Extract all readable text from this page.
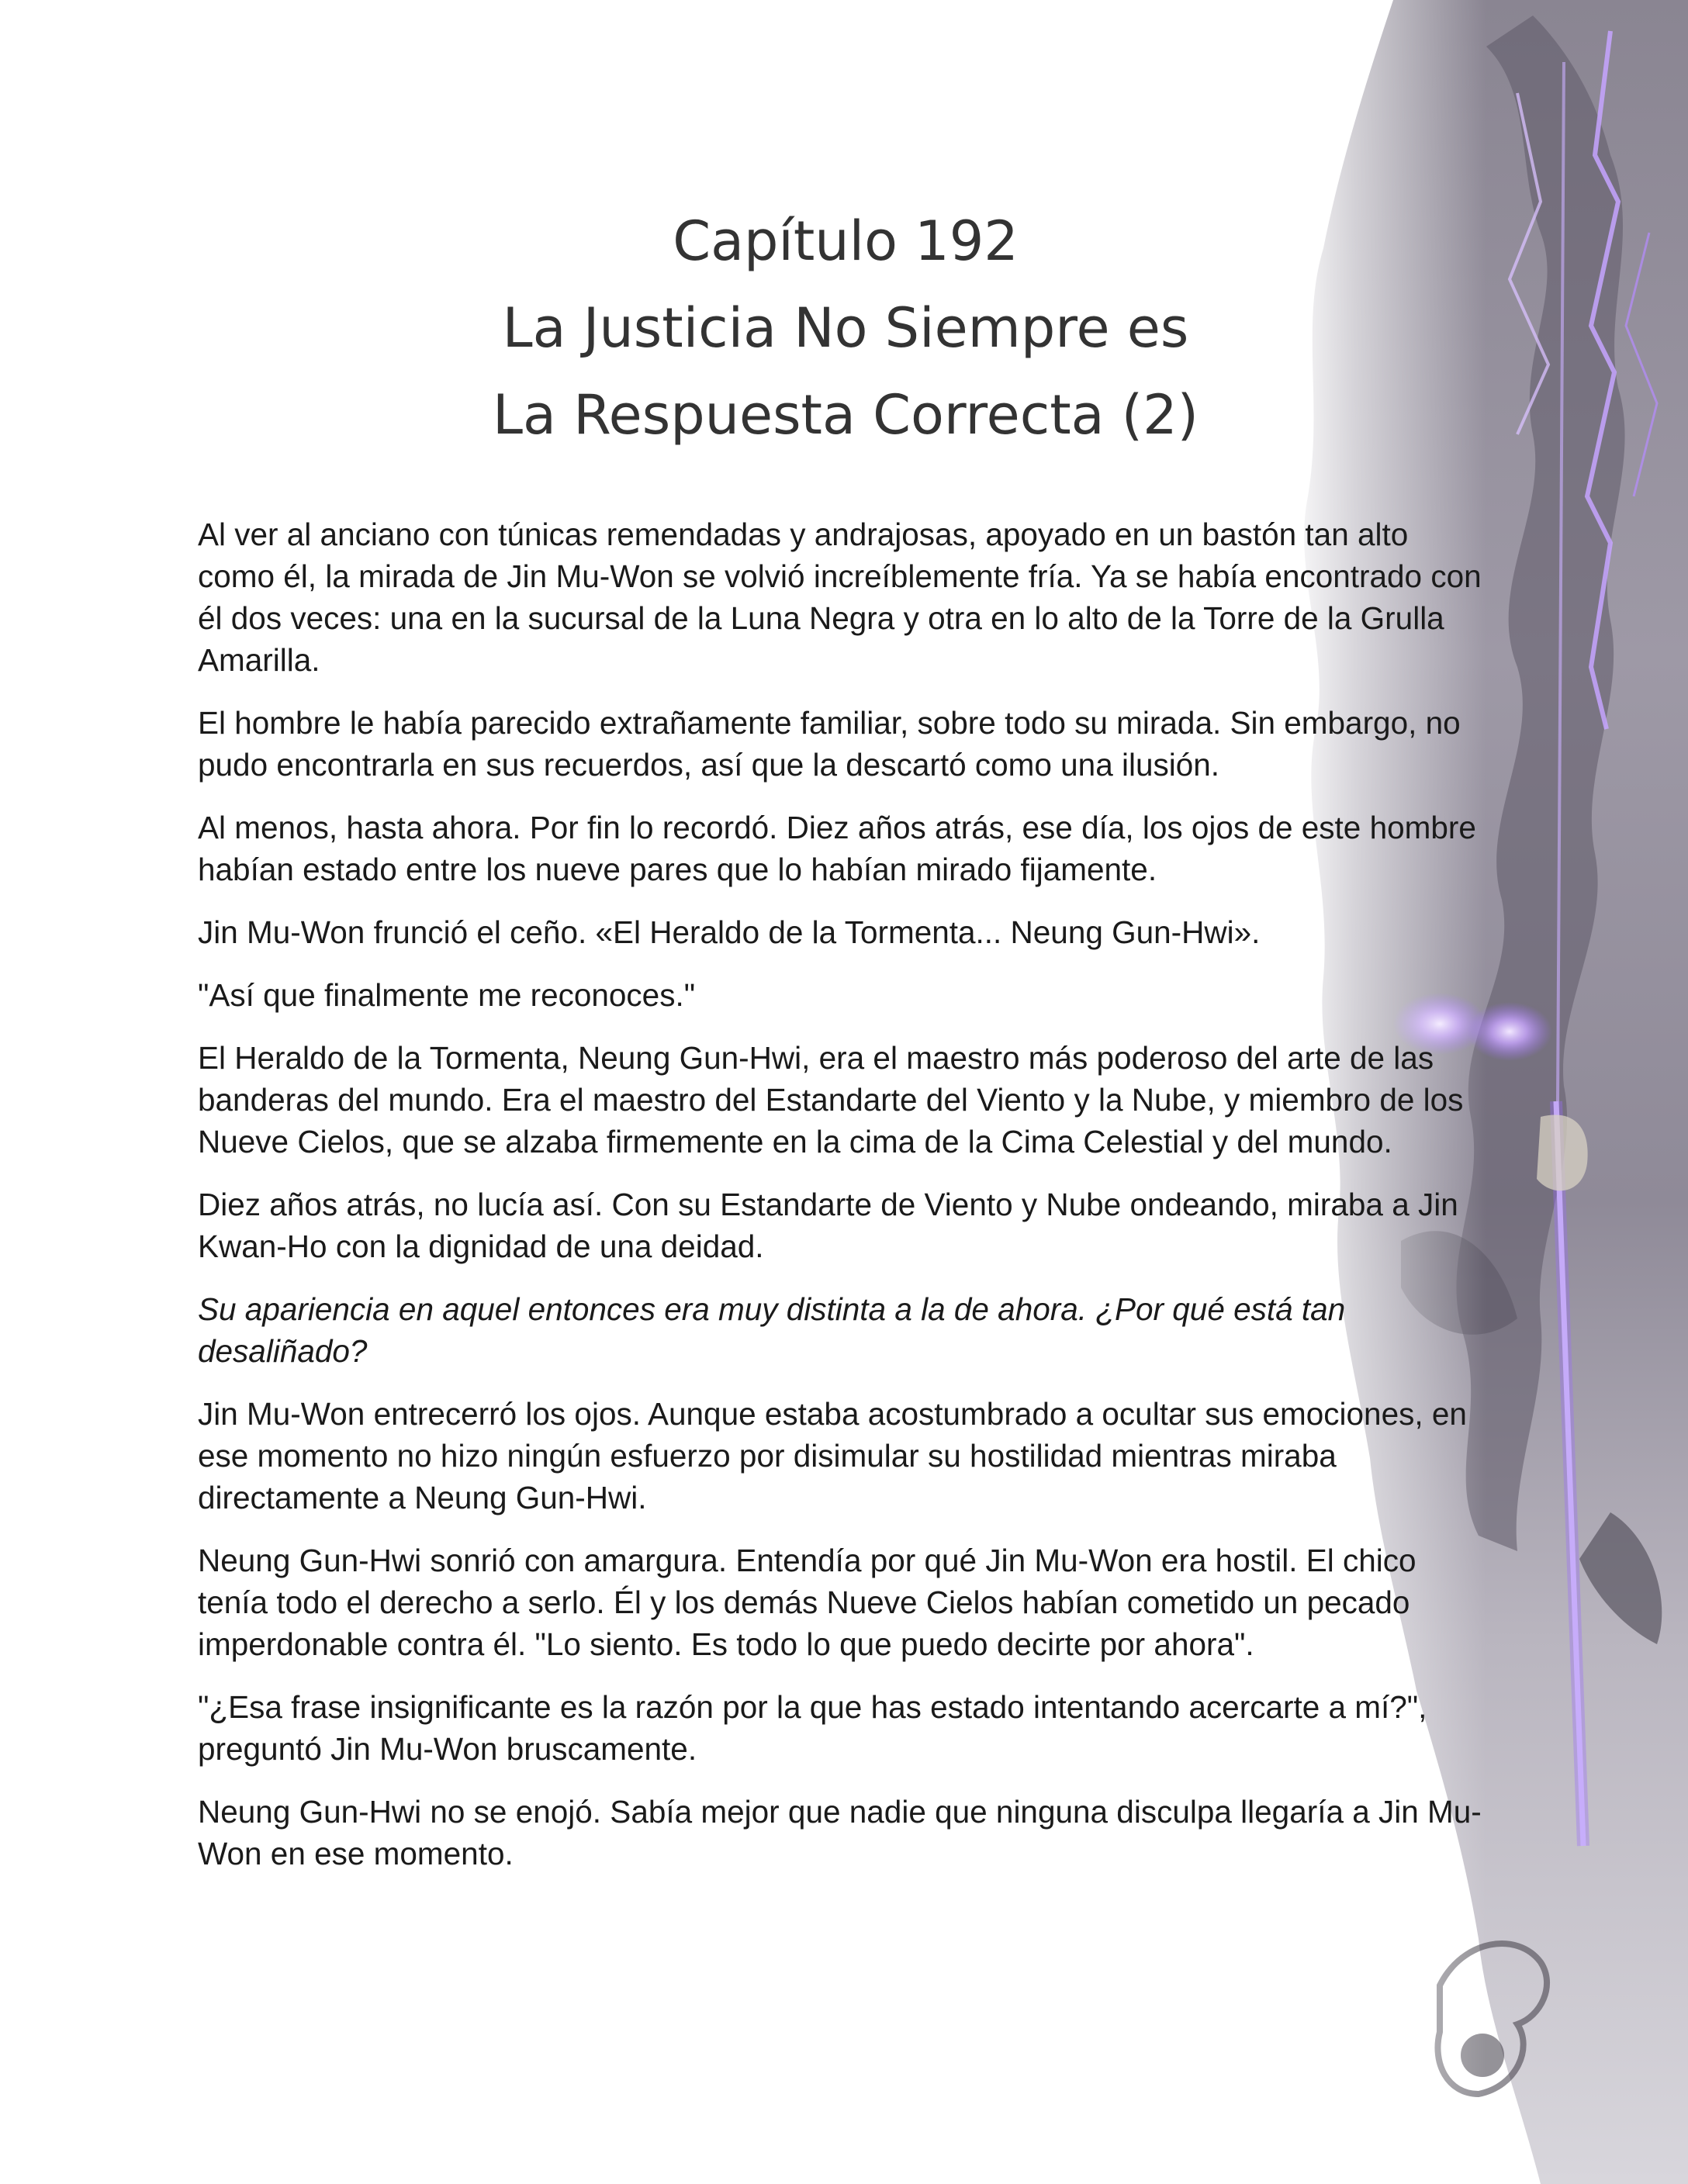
Capítulo 192
La Justicia No Siempre es
La Respuesta Correcta (2)

Al ver al anciano con túnicas remendadas y andrajosas, apoyado en un bastón tan alto como él, la mirada de Jin Mu-Won se volvió increíblemente fría. Ya se había encontrado con él dos veces: una en la sucursal de la Luna Negra y otra en lo alto de la Torre de la Grulla Amarilla.

El hombre le había parecido extrañamente familiar, sobre todo su mirada. Sin embargo, no pudo encontrarla en sus recuerdos, así que la descartó como una ilusión.

Al menos, hasta ahora. Por fin lo recordó. Diez años atrás, ese día, los ojos de este hombre habían estado entre los nueve pares que lo habían mirado fijamente.

Jin Mu-Won frunció el ceño. «El Heraldo de la Tormenta... Neung Gun-Hwi».

"Así que finalmente me reconoces."

El Heraldo de la Tormenta, Neung Gun-Hwi, era el maestro más poderoso del arte de las banderas del mundo. Era el maestro del Estandarte del Viento y la Nube, y miembro de los Nueve Cielos, que se alzaba firmemente en la cima de la Cima Celestial y del mundo.

Diez años atrás, no lucía así. Con su Estandarte de Viento y Nube ondeando, miraba a Jin Kwan-Ho con la dignidad de una deidad.

Su apariencia en aquel entonces era muy distinta a la de ahora. ¿Por qué está tan desaliñado?

Jin Mu-Won entrecerró los ojos. Aunque estaba acostumbrado a ocultar sus emociones, en ese momento no hizo ningún esfuerzo por disimular su hostilidad mientras miraba directamente a Neung Gun-Hwi.

Neung Gun-Hwi sonrió con amargura. Entendía por qué Jin Mu-Won era hostil. El chico tenía todo el derecho a serlo. Él y los demás Nueve Cielos habían cometido un pecado imperdonable contra él. "Lo siento. Es todo lo que puedo decirte por ahora".

"¿Esa frase insignificante es la razón por la que has estado intentando acercarte a mí?", preguntó Jin Mu-Won bruscamente.

Neung Gun-Hwi no se enojó. Sabía mejor que nadie que ninguna disculpa llegaría a Jin Mu-Won en ese momento.
